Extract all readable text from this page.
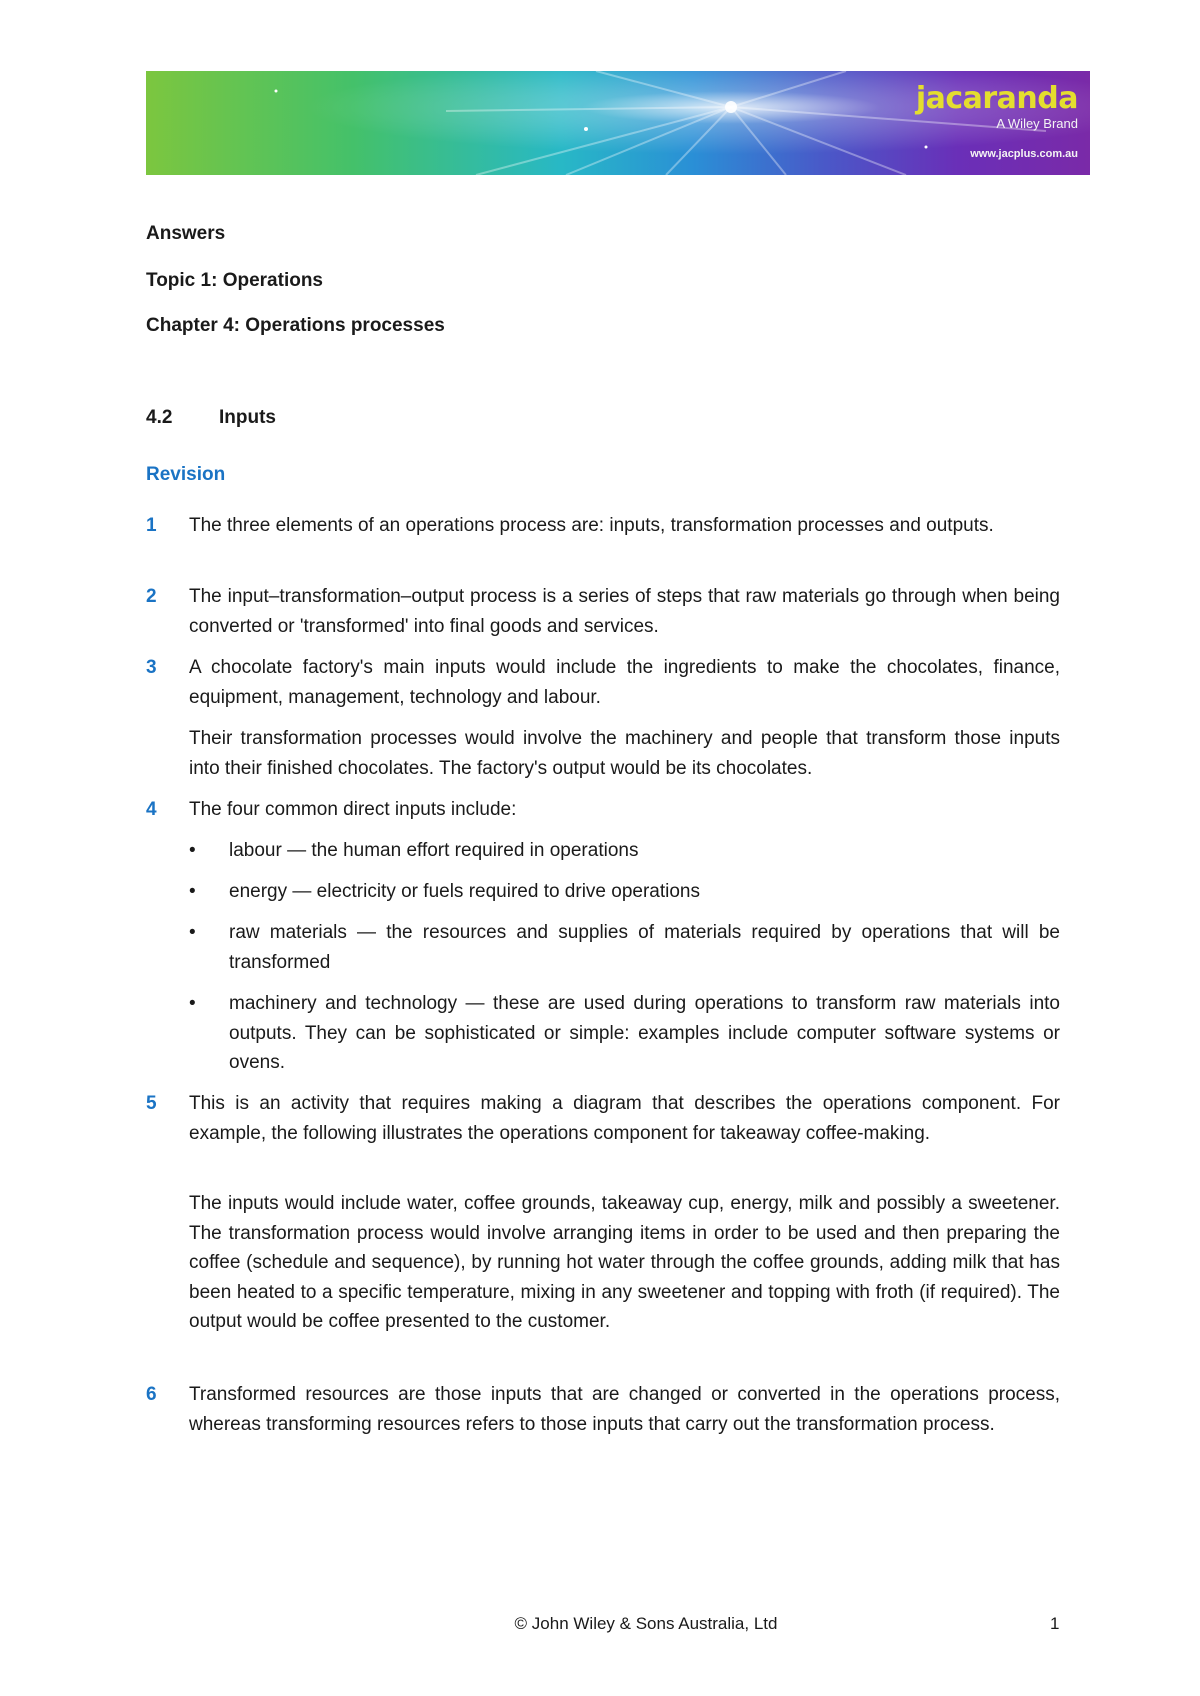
jacaranda
A Wiley Brand
www.jacplus.com.au
Answers
Topic 1: Operations
Chapter 4: Operations processes
4.2 Inputs
Revision
1 The three elements of an operations process are: inputs, transformation processes and outputs.
2 The input–transformation–output process is a series of steps that raw materials go through when being converted or 'transformed' into final goods and services.
3 A chocolate factory's main inputs would include the ingredients to make the chocolates, finance, equipment, management, technology and labour.
Their transformation processes would involve the machinery and people that transform those inputs into their finished chocolates. The factory's output would be its chocolates.
4 The four common direct inputs include:
• labour — the human effort required in operations
• energy — electricity or fuels required to drive operations
• raw materials — the resources and supplies of materials required by operations that will be transformed
• machinery and technology — these are used during operations to transform raw materials into outputs. They can be sophisticated or simple: examples include computer software systems or ovens.
5 This is an activity that requires making a diagram that describes the operations component. For example, the following illustrates the operations component for takeaway coffee-making.
The inputs would include water, coffee grounds, takeaway cup, energy, milk and possibly a sweetener. The transformation process would involve arranging items in order to be used and then preparing the coffee (schedule and sequence), by running hot water through the coffee grounds, adding milk that has been heated to a specific temperature, mixing in any sweetener and topping with froth (if required). The output would be coffee presented to the customer.
6 Transformed resources are those inputs that are changed or converted in the operations process, whereas transforming resources refers to those inputs that carry out the transformation process.
© John Wiley & Sons Australia, Ltd	1
